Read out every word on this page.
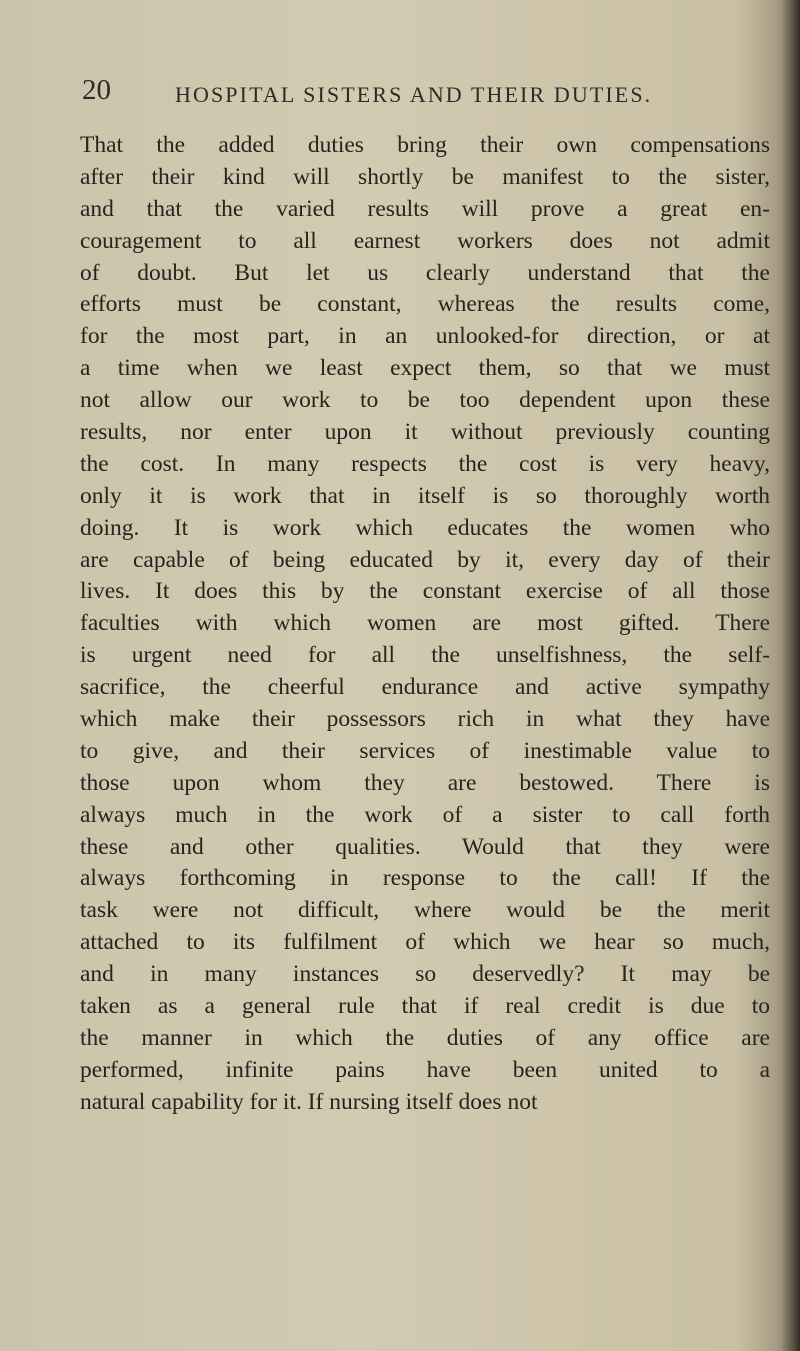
20	HOSPITAL SISTERS AND THEIR DUTIES.
That the added duties bring their own compensations
after their kind will shortly be manifest to the sister,
and that the varied results will prove a great en-
couragement to all earnest workers does not admit
of doubt. But let us clearly understand that the
efforts must be constant, whereas the results come,
for the most part, in an unlooked-for direction, or at
a time when we least expect them, so that we must
not allow our work to be too dependent upon these
results, nor enter upon it without previously counting
the cost. In many respects the cost is very heavy,
only it is work that in itself is so thoroughly worth
doing. It is work which educates the women who
are capable of being educated by it, every day of their
lives. It does this by the constant exercise of all those
faculties with which women are most gifted. There
is urgent need for all the unselfishness, the self-
sacrifice, the cheerful endurance and active sympathy
which make their possessors rich in what they have
to give, and their services of inestimable value to
those upon whom they are bestowed. There is
always much in the work of a sister to call forth
these and other qualities. Would that they were
always forthcoming in response to the call! If the
task were not difficult, where would be the merit
attached to its fulfilment of which we hear so much,
and in many instances so deservedly? It may be
taken as a general rule that if real credit is due to
the manner in which the duties of any office are
performed, infinite pains have been united to a
natural capability for it. If nursing itself does not
